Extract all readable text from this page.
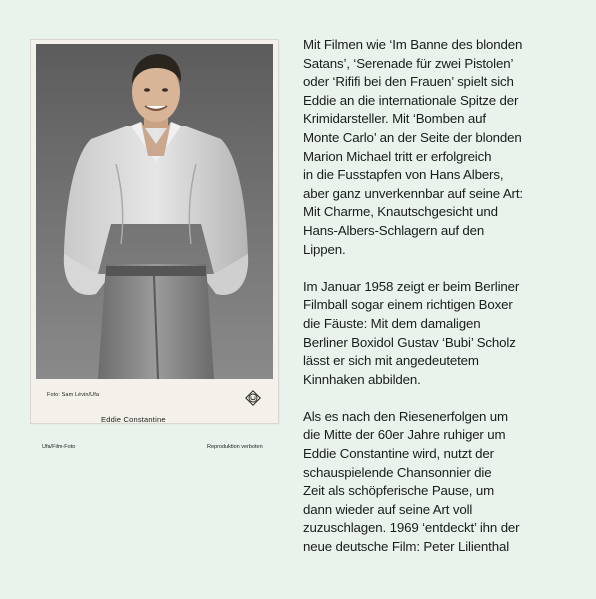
Foto: Sam Lévin/Ufa
Eddie Constantine
Ufa/Film-Foto	Reproduktion verboten

Mit Filmen wie ‘Im Banne des blonden
Satans’, ‘Serenade für zwei Pistolen’
oder ‘Rififi bei den Frauen’ spielt sich
Eddie an die internationale Spitze der
Krimidarsteller. Mit ‘Bomben auf
Monte Carlo’ an der Seite der blonden
Marion Michael tritt er erfolgreich
in die Fusstapfen von Hans Albers,
aber ganz unverkennbar auf seine Art:
Mit Charme, Knautschgesicht und
Hans-Albers-Schlagern auf den
Lippen.

Im Januar 1958 zeigt er beim Berliner
Filmball sogar einem richtigen Boxer
die Fäuste: Mit dem damaligen
Berliner Boxidol Gustav ‘Bubi’ Scholz
lässt er sich mit angedeutetem
Kinnhaken abbilden.

Als es nach den Riesenerfolgen um
die Mitte der 60er Jahre ruhiger um
Eddie Constantine wird, nutzt der
schauspielende Chansonnier die
Zeit als schöpferische Pause, um
dann wieder auf seine Art voll
zuzuschlagen. 1969 ‘entdeckt’ ihn der
neue deutsche Film: Peter Lilienthal
